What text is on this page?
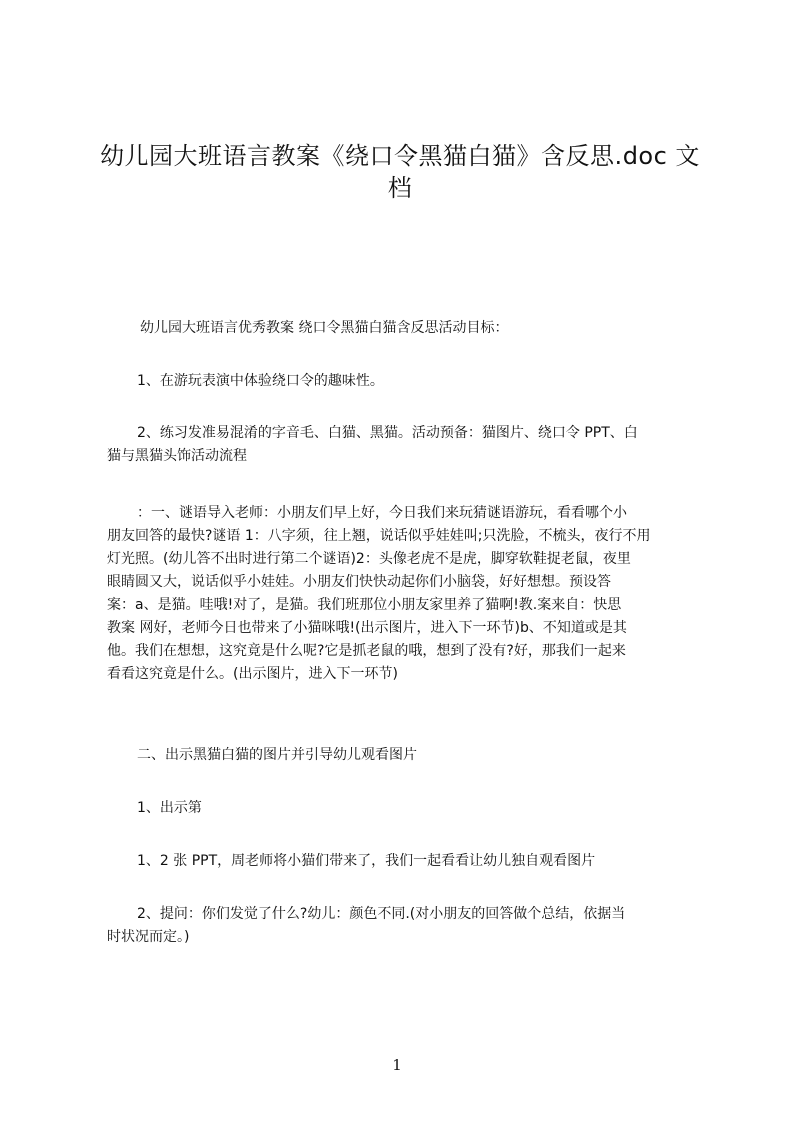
幼儿园大班语言教案《绕口令黑猫白猫》含反思.doc 文档

幼儿园大班语言优秀教案 绕口令黑猫白猫含反思活动目标：

1、在游玩表演中体验绕口令的趣味性。

2、练习发准易混淆的字音毛、白猫、黑猫。活动预备：猫图片、绕口令 PPT、白
猫与黑猫头饰活动流程

：一、谜语导入老师：小朋友们早上好，今日我们来玩猜谜语游玩，看看哪个小
朋友回答的最快?谜语 1：八字须，往上翘，说话似乎娃娃叫;只洗脸，不梳头，夜行不用
灯光照。(幼儿答不出时进行第二个谜语)2：头像老虎不是虎，脚穿软鞋捉老鼠，夜里
眼睛圆又大，说话似乎小娃娃。小朋友们快快动起你们小脑袋，好好想想。预设答
案：a、是猫。哇哦!对了，是猫。我们班那位小朋友家里养了猫啊!教.案来自：快思
教案 网好，老师今日也带来了小猫咪哦!(出示图片，进入下一环节)b、不知道或是其
他。我们在想想，这究竟是什么呢?它是抓老鼠的哦，想到了没有?好，那我们一起来
看看这究竟是什么。(出示图片，进入下一环节)

二、出示黑猫白猫的图片并引导幼儿观看图片

1、出示第

1、2 张 PPT，周老师将小猫们带来了，我们一起看看让幼儿独自观看图片

2、提问：你们发觉了什么?幼儿：颜色不同.(对小朋友的回答做个总结，依据当
时状况而定。)

1
